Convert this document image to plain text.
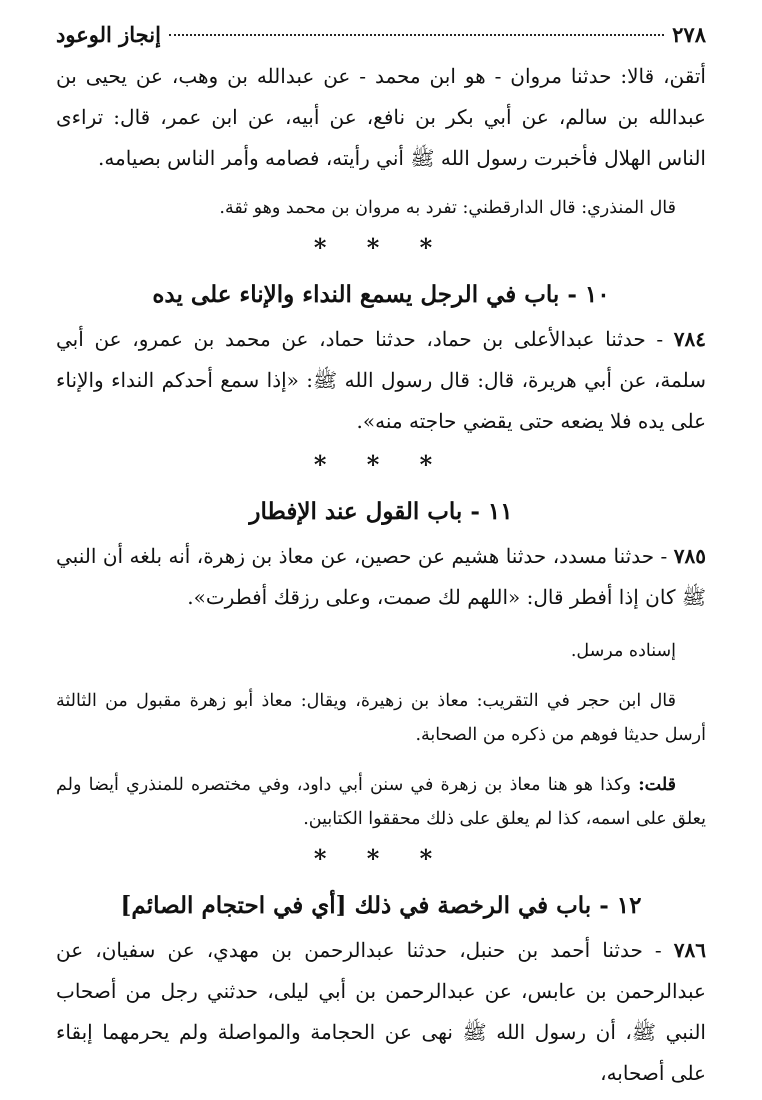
٢٧٨
إنجاز الوعود

أتقن، قالا: حدثنا مروان - هو ابن محمد - عن عبدالله بن وهب، عن يحيى بن عبدالله بن سالم، عن أبي بكر بن نافع، عن أبيه، عن ابن عمر، قال: تراءى الناس الهلال فأخبرت رسول الله ﷺ أني رأيته، فصامه وأمر الناس بصيامه.

قال المنذري: قال الدارقطني: تفرد به مروان بن محمد وهو ثقة.

* * *
١٠ - باب في الرجل يسمع النداء والإناء على يده

٧٨٤ - حدثنا عبدالأعلى بن حماد، حدثنا حماد، عن محمد بن عمرو، عن أبي سلمة، عن أبي هريرة، قال: قال رسول الله ﷺ: «إذا سمع أحدكم النداء والإناء على يده فلا يضعه حتى يقضي حاجته منه».

* * *
١١ - باب القول عند الإفطار

٧٨٥ - حدثنا مسدد، حدثنا هشيم عن حصين، عن معاذ بن زهرة، أنه بلغه أن النبي ﷺ كان إذا أفطر قال: «اللهم لك صمت، وعلى رزقك أفطرت».

إسناده مرسل.

قال ابن حجر في التقريب: معاذ بن زهيرة، ويقال: معاذ أبو زهرة مقبول من الثالثة أرسل حديثا فوهم من ذكره من الصحابة.

قلت: وكذا هو هنا معاذ بن زهرة في سنن أبي داود، وفي مختصره للمنذري أيضا ولم يعلق على اسمه، كذا لم يعلق على ذلك محققوا الكتابين.

* * *
١٢ - باب في الرخصة في ذلك [أي في احتجام الصائم]

٧٨٦ - حدثنا أحمد بن حنبل، حدثنا عبدالرحمن بن مهدي، عن سفيان، عن عبدالرحمن بن عابس، عن عبدالرحمن بن أبي ليلى، حدثني رجل من أصحاب النبي ﷺ، أن رسول الله ﷺ نهى عن الحجامة والمواصلة ولم يحرمهما إبقاء على أصحابه،
